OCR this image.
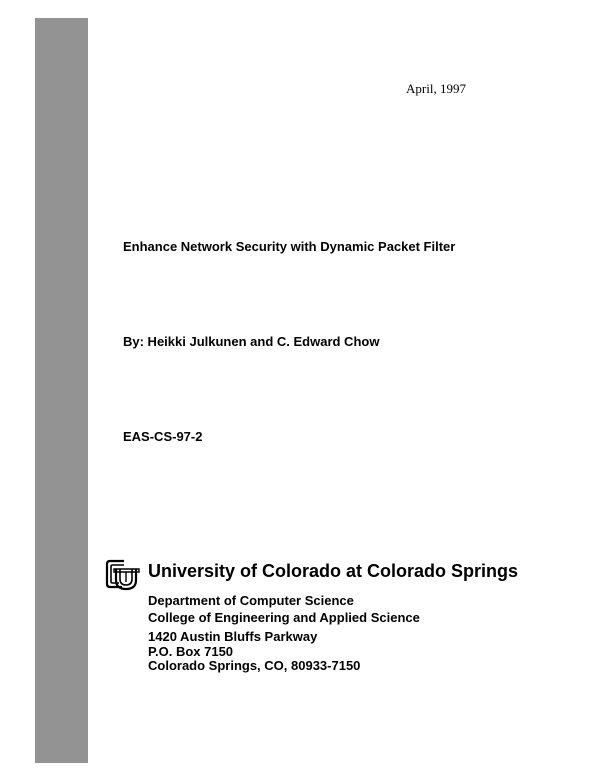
April, 1997
Enhance Network Security with Dynamic Packet Filter
By: Heikki Julkunen and C. Edward Chow
EAS-CS-97-2
University of Colorado at Colorado Springs
Department of Computer Science
College of Engineering and Applied Science
1420 Austin Bluffs Parkway
P.O. Box 7150
Colorado Springs, CO, 80933-7150
